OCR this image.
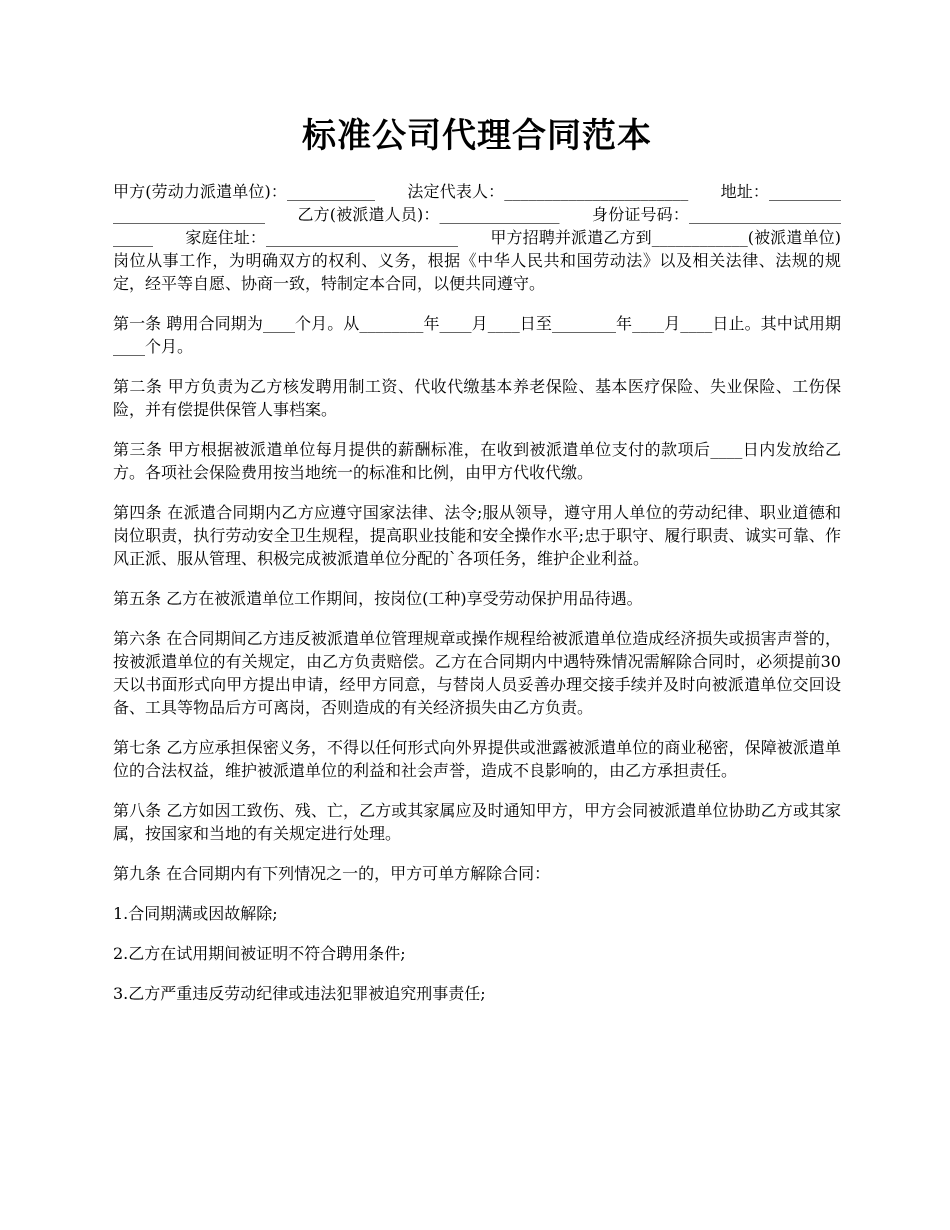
标准公司代理合同范本

甲方(劳动力派遣单位)：___________　　法定代表人：_______________________　　地址：____________________________　　乙方(被派遣人员)：_______________　　身份证号码：________________________　　家庭住址：________________________　　甲方招聘并派遣乙方到____________(被派遣单位)岗位从事工作，为明确双方的权利、义务，根据《中华人民共和国劳动法》以及相关法律、法规的规定，经平等自愿、协商一致，特制定本合同，以便共同遵守。

第一条 聘用合同期为____个月。从________年____月____日至________年____月____日止。其中试用期____个月。

第二条 甲方负责为乙方核发聘用制工资、代收代缴基本养老保险、基本医疗保险、失业保险、工伤保险，并有偿提供保管人事档案。

第三条 甲方根据被派遣单位每月提供的薪酬标准，在收到被派遣单位支付的款项后____日内发放给乙方。各项社会保险费用按当地统一的标准和比例，由甲方代收代缴。

第四条 在派遣合同期内乙方应遵守国家法律、法令;服从领导，遵守用人单位的劳动纪律、职业道德和岗位职责，执行劳动安全卫生规程，提高职业技能和安全操作水平;忠于职守、履行职责、诚实可靠、作风正派、服从管理、积极完成被派遣单位分配的`各项任务，维护企业利益。

第五条 乙方在被派遣单位工作期间，按岗位(工种)享受劳动保护用品待遇。

第六条 在合同期间乙方违反被派遣单位管理规章或操作规程给被派遣单位造成经济损失或损害声誉的，按被派遣单位的有关规定，由乙方负责赔偿。乙方在合同期内中遇特殊情况需解除合同时，必须提前30天以书面形式向甲方提出申请，经甲方同意，与替岗人员妥善办理交接手续并及时向被派遣单位交回设备、工具等物品后方可离岗，否则造成的有关经济损失由乙方负责。

第七条 乙方应承担保密义务，不得以任何形式向外界提供或泄露被派遣单位的商业秘密，保障被派遣单位的合法权益，维护被派遣单位的利益和社会声誉，造成不良影响的，由乙方承担责任。

第八条 乙方如因工致伤、残、亡，乙方或其家属应及时通知甲方，甲方会同被派遣单位协助乙方或其家属，按国家和当地的有关规定进行处理。

第九条 在合同期内有下列情况之一的，甲方可单方解除合同：

1.合同期满或因故解除;

2.乙方在试用期间被证明不符合聘用条件;

3.乙方严重违反劳动纪律或违法犯罪被追究刑事责任;
